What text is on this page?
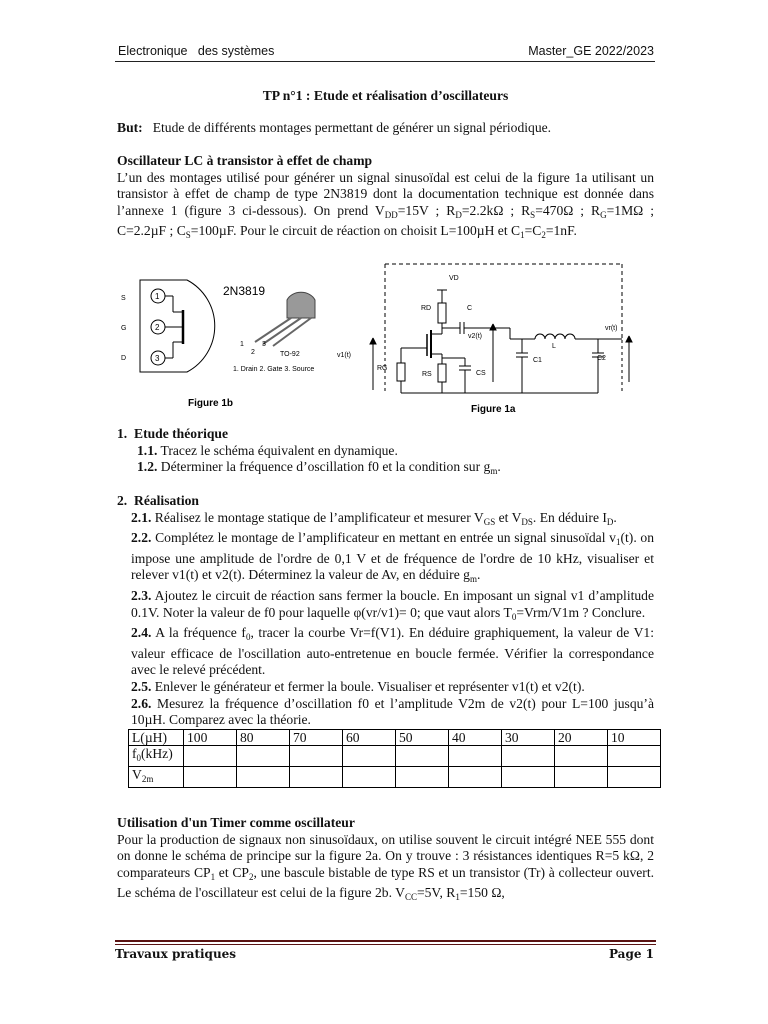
Electronique   des systèmes	Master_GE 2022/2023
TP n°1 : Etude et réalisation d’oscillateurs
But: Etude de différents montages permettant de générer un signal périodique.
Oscillateur LC à transistor à effet de champ
L’un des montages utilisé pour générer un signal sinusoïdal est celui de la figure 1a utilisant un transistor à effet de champ de type 2N3819 dont la documentation technique est donnée dans l’annexe 1 (figure 3 ci-dessous). On prend $V_{DD}=15V$ ; $R_D=2.2k\Omega$ ; $R_S=470\Omega$ ; $R_G=1M\Omega$ ; C=2.2µF ; $C_S=100\mu F$. Pour le circuit de réaction on choisit L=100µH et $C_1=C_2=1nF$.
S
G
D
1
2
3
2N3819
1
2
3
TO-92
1. Drain 2. Gate 3. Source
Figure 1b
VD
RD	C
v2(t)
L
vr(t)
v1(t)
RG
RS	CS
C1	C2
Figure 1a
1. Etude théorique
1.1. Tracez le schéma équivalent en dynamique.
1.2. Déterminer la fréquence d’oscillation f0 et la condition sur $g_m$.
2. Réalisation
2.1. Réalisez le montage statique de l’amplificateur et mesurer $V_{GS}$ et $V_{DS}$. En déduire $I_D$.
2.2. Complétez le montage de l’amplificateur en mettant en entrée un signal sinusoïdal $v_1(t)$. on impose une amplitude de l'ordre de 0,1 V et de fréquence de l'ordre de 10 kHz, visualiser et relever v1(t) et v2(t). Déterminez la valeur de Av, en déduire $g_m$.
2.3. Ajoutez le circuit de réaction sans fermer la boucle. En imposant un signal v1 d’amplitude 0.1V. Noter la valeur de f0 pour laquelle φ(vr/v1)= 0; que vaut alors $T_0=Vrm/V1m$ ? Conclure.
2.4. A la fréquence $f_0$, tracer la courbe Vr=f(V1). En déduire graphiquement, la valeur de V1: valeur efficace de l'oscillation auto-entretenue en boucle fermée. Vérifier la correspondance avec le relevé précédent.
2.5. Enlever le générateur et fermer la boule. Visualiser et représenter v1(t) et v2(t).
2.6. Mesurez la fréquence d’oscillation f0 et l’amplitude V2m de v2(t) pour L=100 jusqu’à 10µH. Comparez avec la théorie.
L(µH)	100	80	70	60	50	40	30	20	10
$f_0(kHz)$									
$V_{2m}$									
Utilisation d'un Timer comme oscillateur
Pour la production de signaux non sinusoïdaux, on utilise souvent le circuit intégré NEE 555 dont on donne le schéma de principe sur la figure 2a. On y trouve : 3 résistances identiques R=5 kΩ, 2 comparateurs $CP_1$ et $CP_2$, une bascule bistable de type RS et un transistor (Tr) à collecteur ouvert. Le schéma de l'oscillateur est celui de la figure 2b. $V_{CC}=5V$, $R_1=150$ Ω,
Travaux pratiques	Page 1
